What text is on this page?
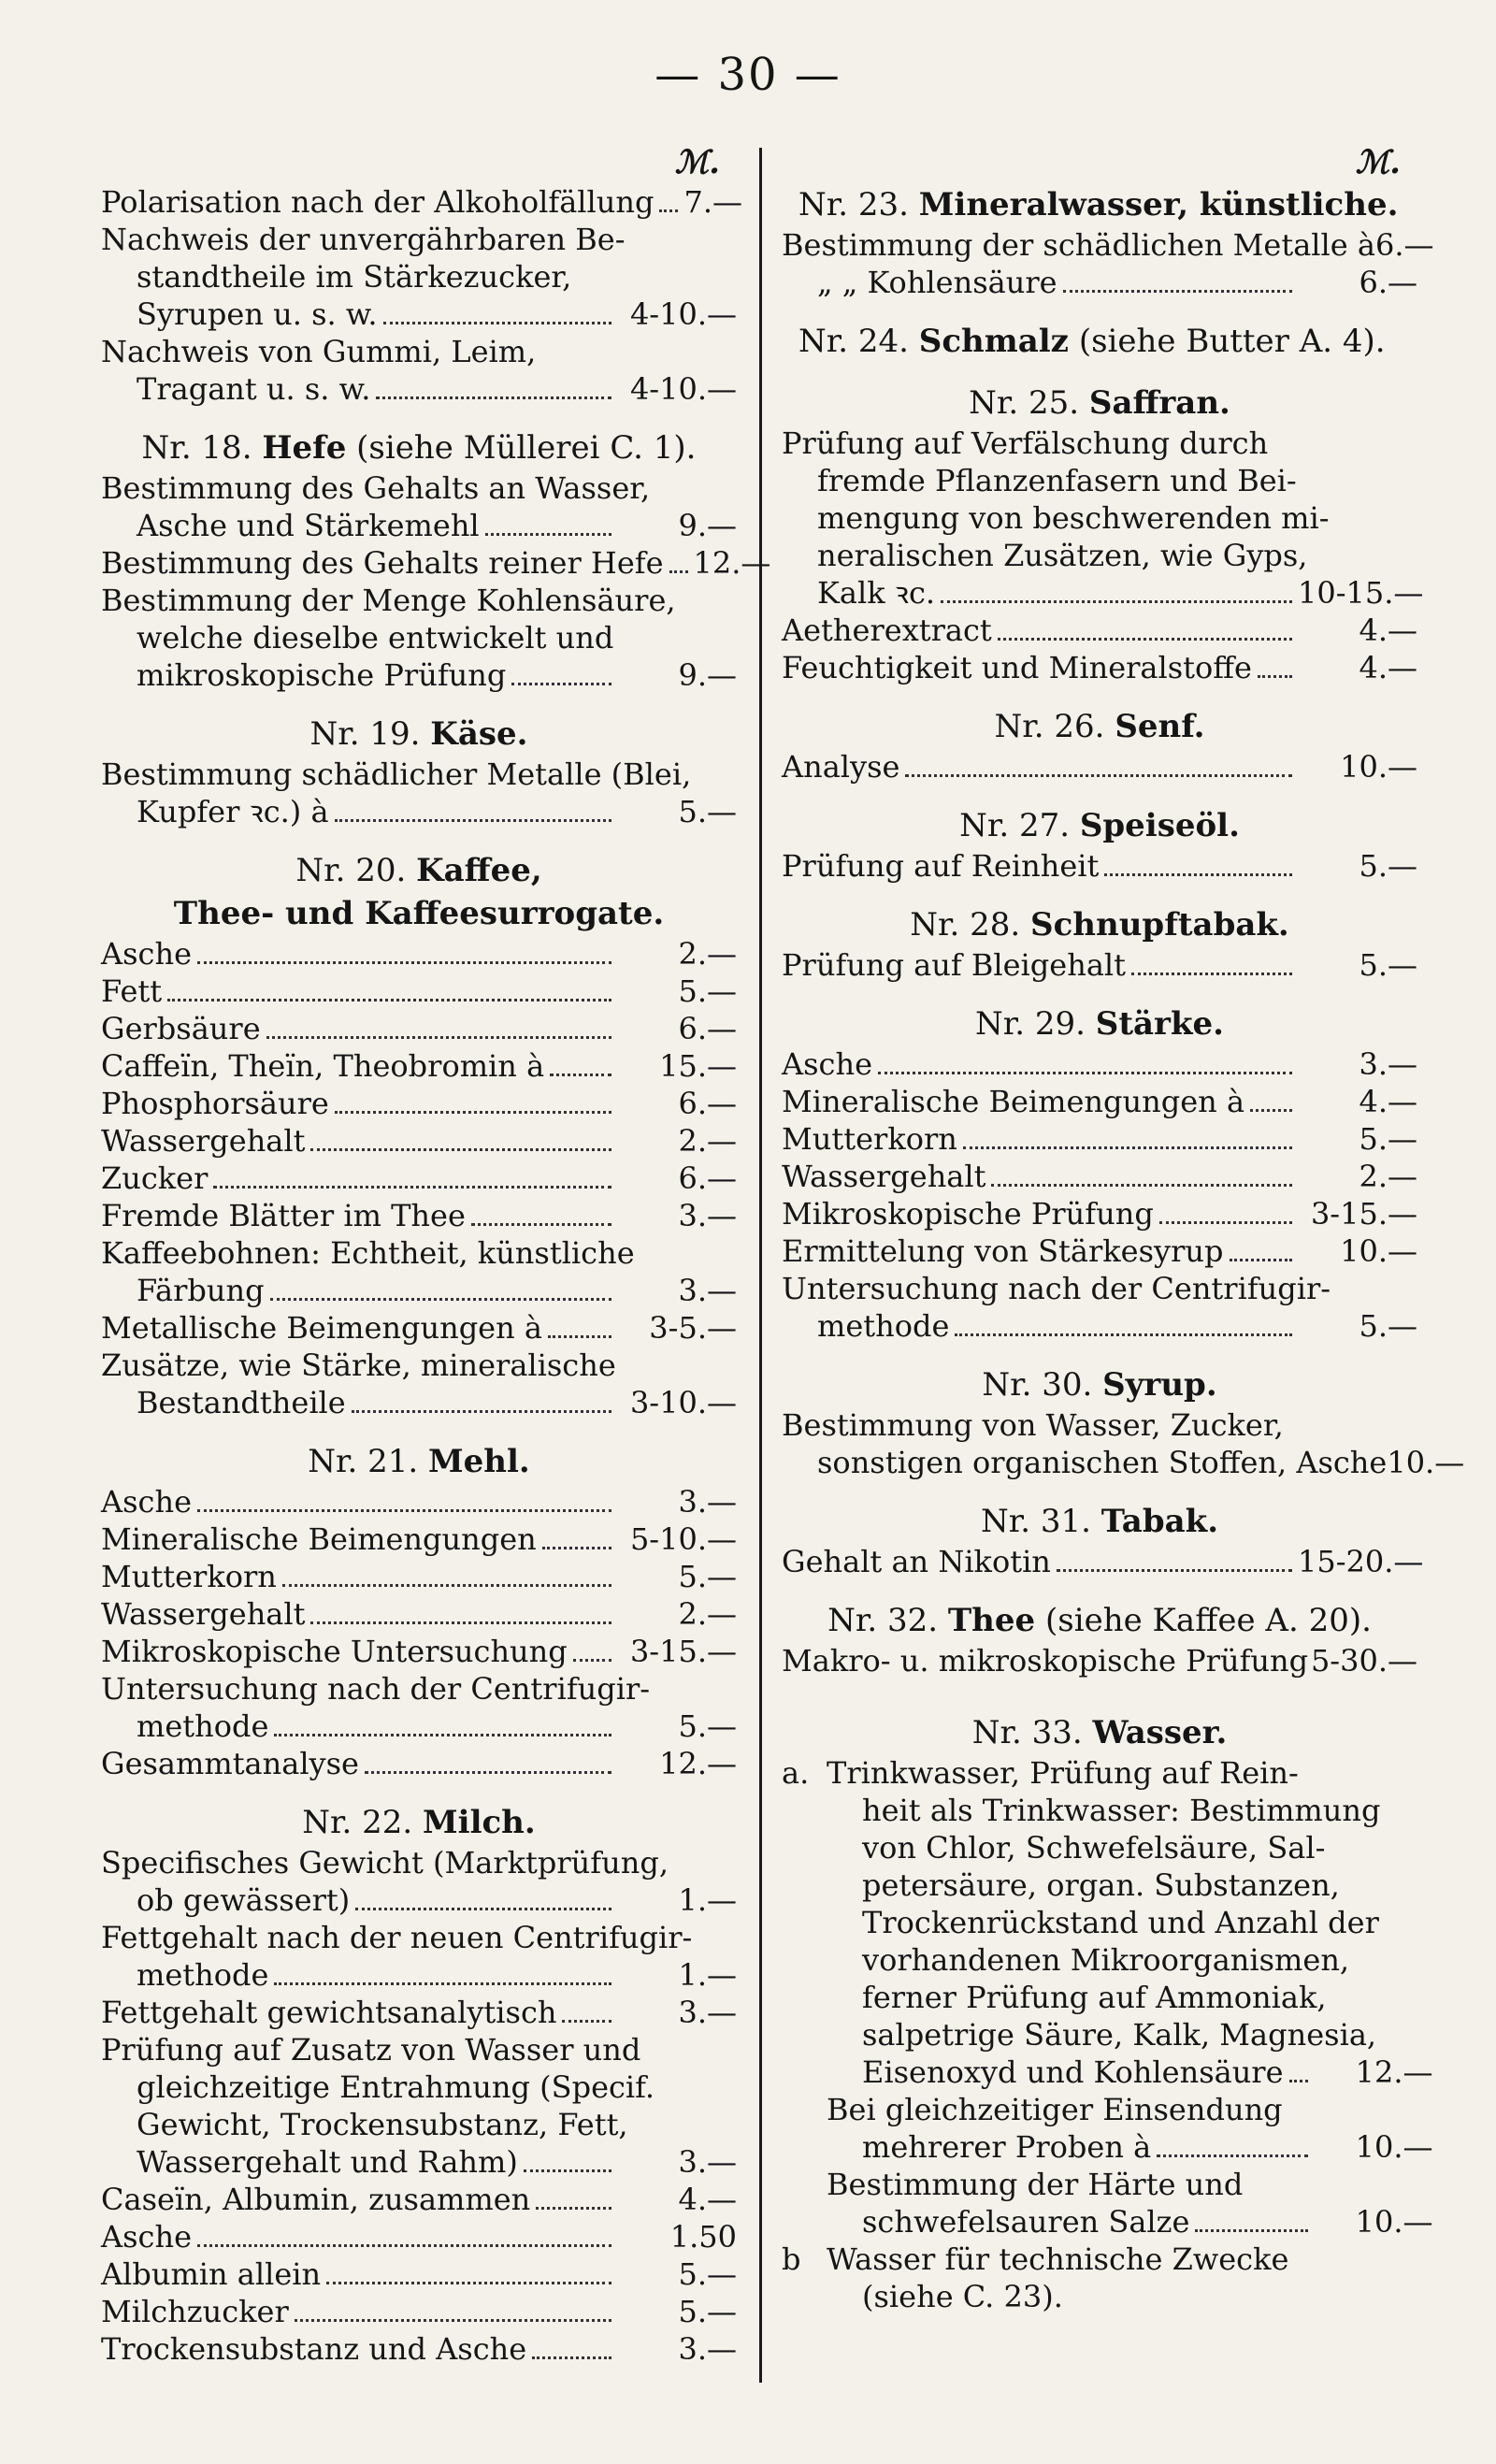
— 30 —
ℳ.
Polarisation nach der Alkoholfällung 7.—
Nachweis der unvergährbaren Be-
standtheile im Stärkezucker,
Syrupen u. s. w.	4-10.—
Nachweis von Gummi, Leim,
Tragant u. s. w.	4-10.—
Nr. 18. Hefe (siehe Müllerei C. 1).
Bestimmung des Gehalts an Wasser,
Asche und Stärkemehl	9.—
Bestimmung des Gehalts reiner Hefe 12.—
Bestimmung der Menge Kohlensäure,
welche dieselbe entwickelt und
mikroskopische Prüfung	9.—
Nr. 19. Käse.
Bestimmung schädlicher Metalle (Blei,
Kupfer ꝛc.) à	5.—
Nr. 20. Kaffee,
Thee- und Kaffeesurrogate.
Asche	2.—
Fett	5.—
Gerbsäure	6.—
Caffeïn, Theïn, Theobromin à	15.—
Phosphorsäure	6.—
Wassergehalt	2.—
Zucker	6.—
Fremde Blätter im Thee	3.—
Kaffeebohnen: Echtheit, künstliche
Färbung	3.—
Metallische Beimengungen à	3-5.—
Zusätze, wie Stärke, mineralische
Bestandtheile	3-10.—
Nr. 21. Mehl.
Asche	3.—
Mineralische Beimengungen	5-10.—
Mutterkorn	5.—
Wassergehalt	2.—
Mikroskopische Untersuchung	3-15.—
Untersuchung nach der Centrifugir-
methode	5.—
Gesammtanalyse	12.—
Nr. 22. Milch.
Specifisches Gewicht (Marktprüfung,
ob gewässert)	1.—
Fettgehalt nach der neuen Centrifugir-
methode	1.—
Fettgehalt gewichtsanalytisch	3.—
Prüfung auf Zusatz von Wasser und
gleichzeitige Entrahmung (Specif.
Gewicht, Trockensubstanz, Fett,
Wassergehalt und Rahm)	3.—
Caseïn, Albumin, zusammen	4.—
Asche	1.50
Albumin allein	5.—
Milchzucker	5.—
Trockensubstanz und Asche	3.—
ℳ.
Nr. 23. Mineralwasser, künstliche.
Bestimmung der schädlichen Metalle à 6.—
„ „ Kohlensäure	6.—
Nr. 24. Schmalz (siehe Butter A. 4).
Nr. 25. Saffran.
Prüfung auf Verfälschung durch
fremde Pflanzenfasern und Bei-
mengung von beschwerenden mi-
neralischen Zusätzen, wie Gyps,
Kalk ꝛc.	10-15.—
Aetherextract	4.—
Feuchtigkeit und Mineralstoffe	4.—
Nr. 26. Senf.
Analyse	10.—
Nr. 27. Speiseöl.
Prüfung auf Reinheit	5.—
Nr. 28. Schnupftabak.
Prüfung auf Bleigehalt	5.—
Nr. 29. Stärke.
Asche	3.—
Mineralische Beimengungen à	4.—
Mutterkorn	5.—
Wassergehalt	2.—
Mikroskopische Prüfung	3-15.—
Ermittelung von Stärkesyrup	10.—
Untersuchung nach der Centrifugir-
methode	5.—
Nr. 30. Syrup.
Bestimmung von Wasser, Zucker,
sonstigen organischen Stoffen, Asche 10.—
Nr. 31. Tabak.
Gehalt an Nikotin	15-20.—
Nr. 32. Thee (siehe Kaffee A. 20).
Makro- u. mikroskopische Prüfung 5-30.—
Nr. 33. Wasser.
a. Trinkwasser, Prüfung auf Rein-
heit als Trinkwasser: Bestimmung
von Chlor, Schwefelsäure, Sal-
petersäure, organ. Substanzen,
Trockenrückstand und Anzahl der
vorhandenen Mikroorganismen,
ferner Prüfung auf Ammoniak,
salpetrige Säure, Kalk, Magnesia,
Eisenoxyd und Kohlensäure	12.—
Bei gleichzeitiger Einsendung
mehrerer Proben à	10.—
Bestimmung der Härte und
schwefelsauren Salze	10.—
b Wasser für technische Zwecke
(siehe C. 23).
